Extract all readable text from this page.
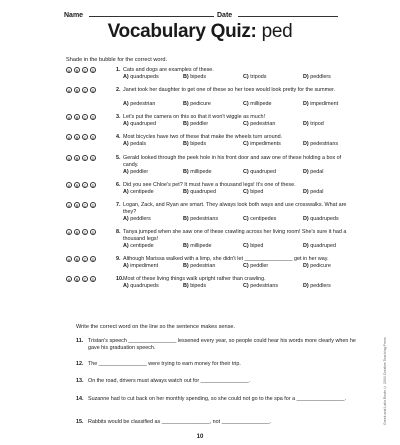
Name	Date
Vocabulary Quiz: ped
Shade in the bubble for the correct word.
A	B	C	D	1. Cats and dogs are examples of these.
A) quadrupeds	B) bipeds	C) tripods	D) peddlers
A	B	C	D	2. Janet took her daughter to get one of these so her toes would look pretty for the summer.
A) pedestrian	B) pedicure	C) millipede	D) impediment
A	B	C	D	3. Let's put the camera on this so that it won't wiggle as much!
A) quadruped	B) peddler	C) pedestrian	D) tripod
A	B	C	D	4. Most bicycles have two of these that make the wheels turn around.
A) pedals	B) bipeds	C) impediments	D) pedestrians
A	B	C	D	5. Gerald looked through the peek hole in his front door and saw one of these holding a box of candy.
A) peddler	B) millipede	C) quadruped	D) pedal
A	B	C	D	6. Did you see Chloe's pet? It must have a thousand legs! It's one of these.
A) centipede	B) quadruped	C) biped	D) pedal
A	B	C	D	7. Logan, Zack, and Ryan are smart. They always look both ways and use crosswalks. What are they?
A) peddlers	B) pedestrians	C) centipedes	D) quadrupeds
A	B	C	D	8. Tanya jumped when she saw one of these crawling across her living room! She's sure it had a thousand legs!
A) centipede	B) millipede	C) biped	D) quadruped
A	B	C	D	9. Although Marissa walked with a limp, she didn't let ________________ get in her way.
A) impediment	B) pedestrian	C) peddler	D) pedicure
A	B	C	D	10. Most of these living things walk upright rather than crawling.
A) quadrupeds	B) bipeds	C) pedestrians	D) peddlers
Write the correct word on the line so the sentence makes sense.
11. Tristan's speech ________________ lessened every year, so people could hear his words more clearly when he gave his graduation speech.
12. The ________________ were trying to earn money for their trip.
13. On the road, drivers must always watch out for ________________.
14. Suzanne had to cut back on her monthly spending, so she could not go to the spa for a ________________.
15. Rabbits would be classified as ________________, not ________________.
10
Greek and Latin Roots © 2004 Creative Teaching Press
